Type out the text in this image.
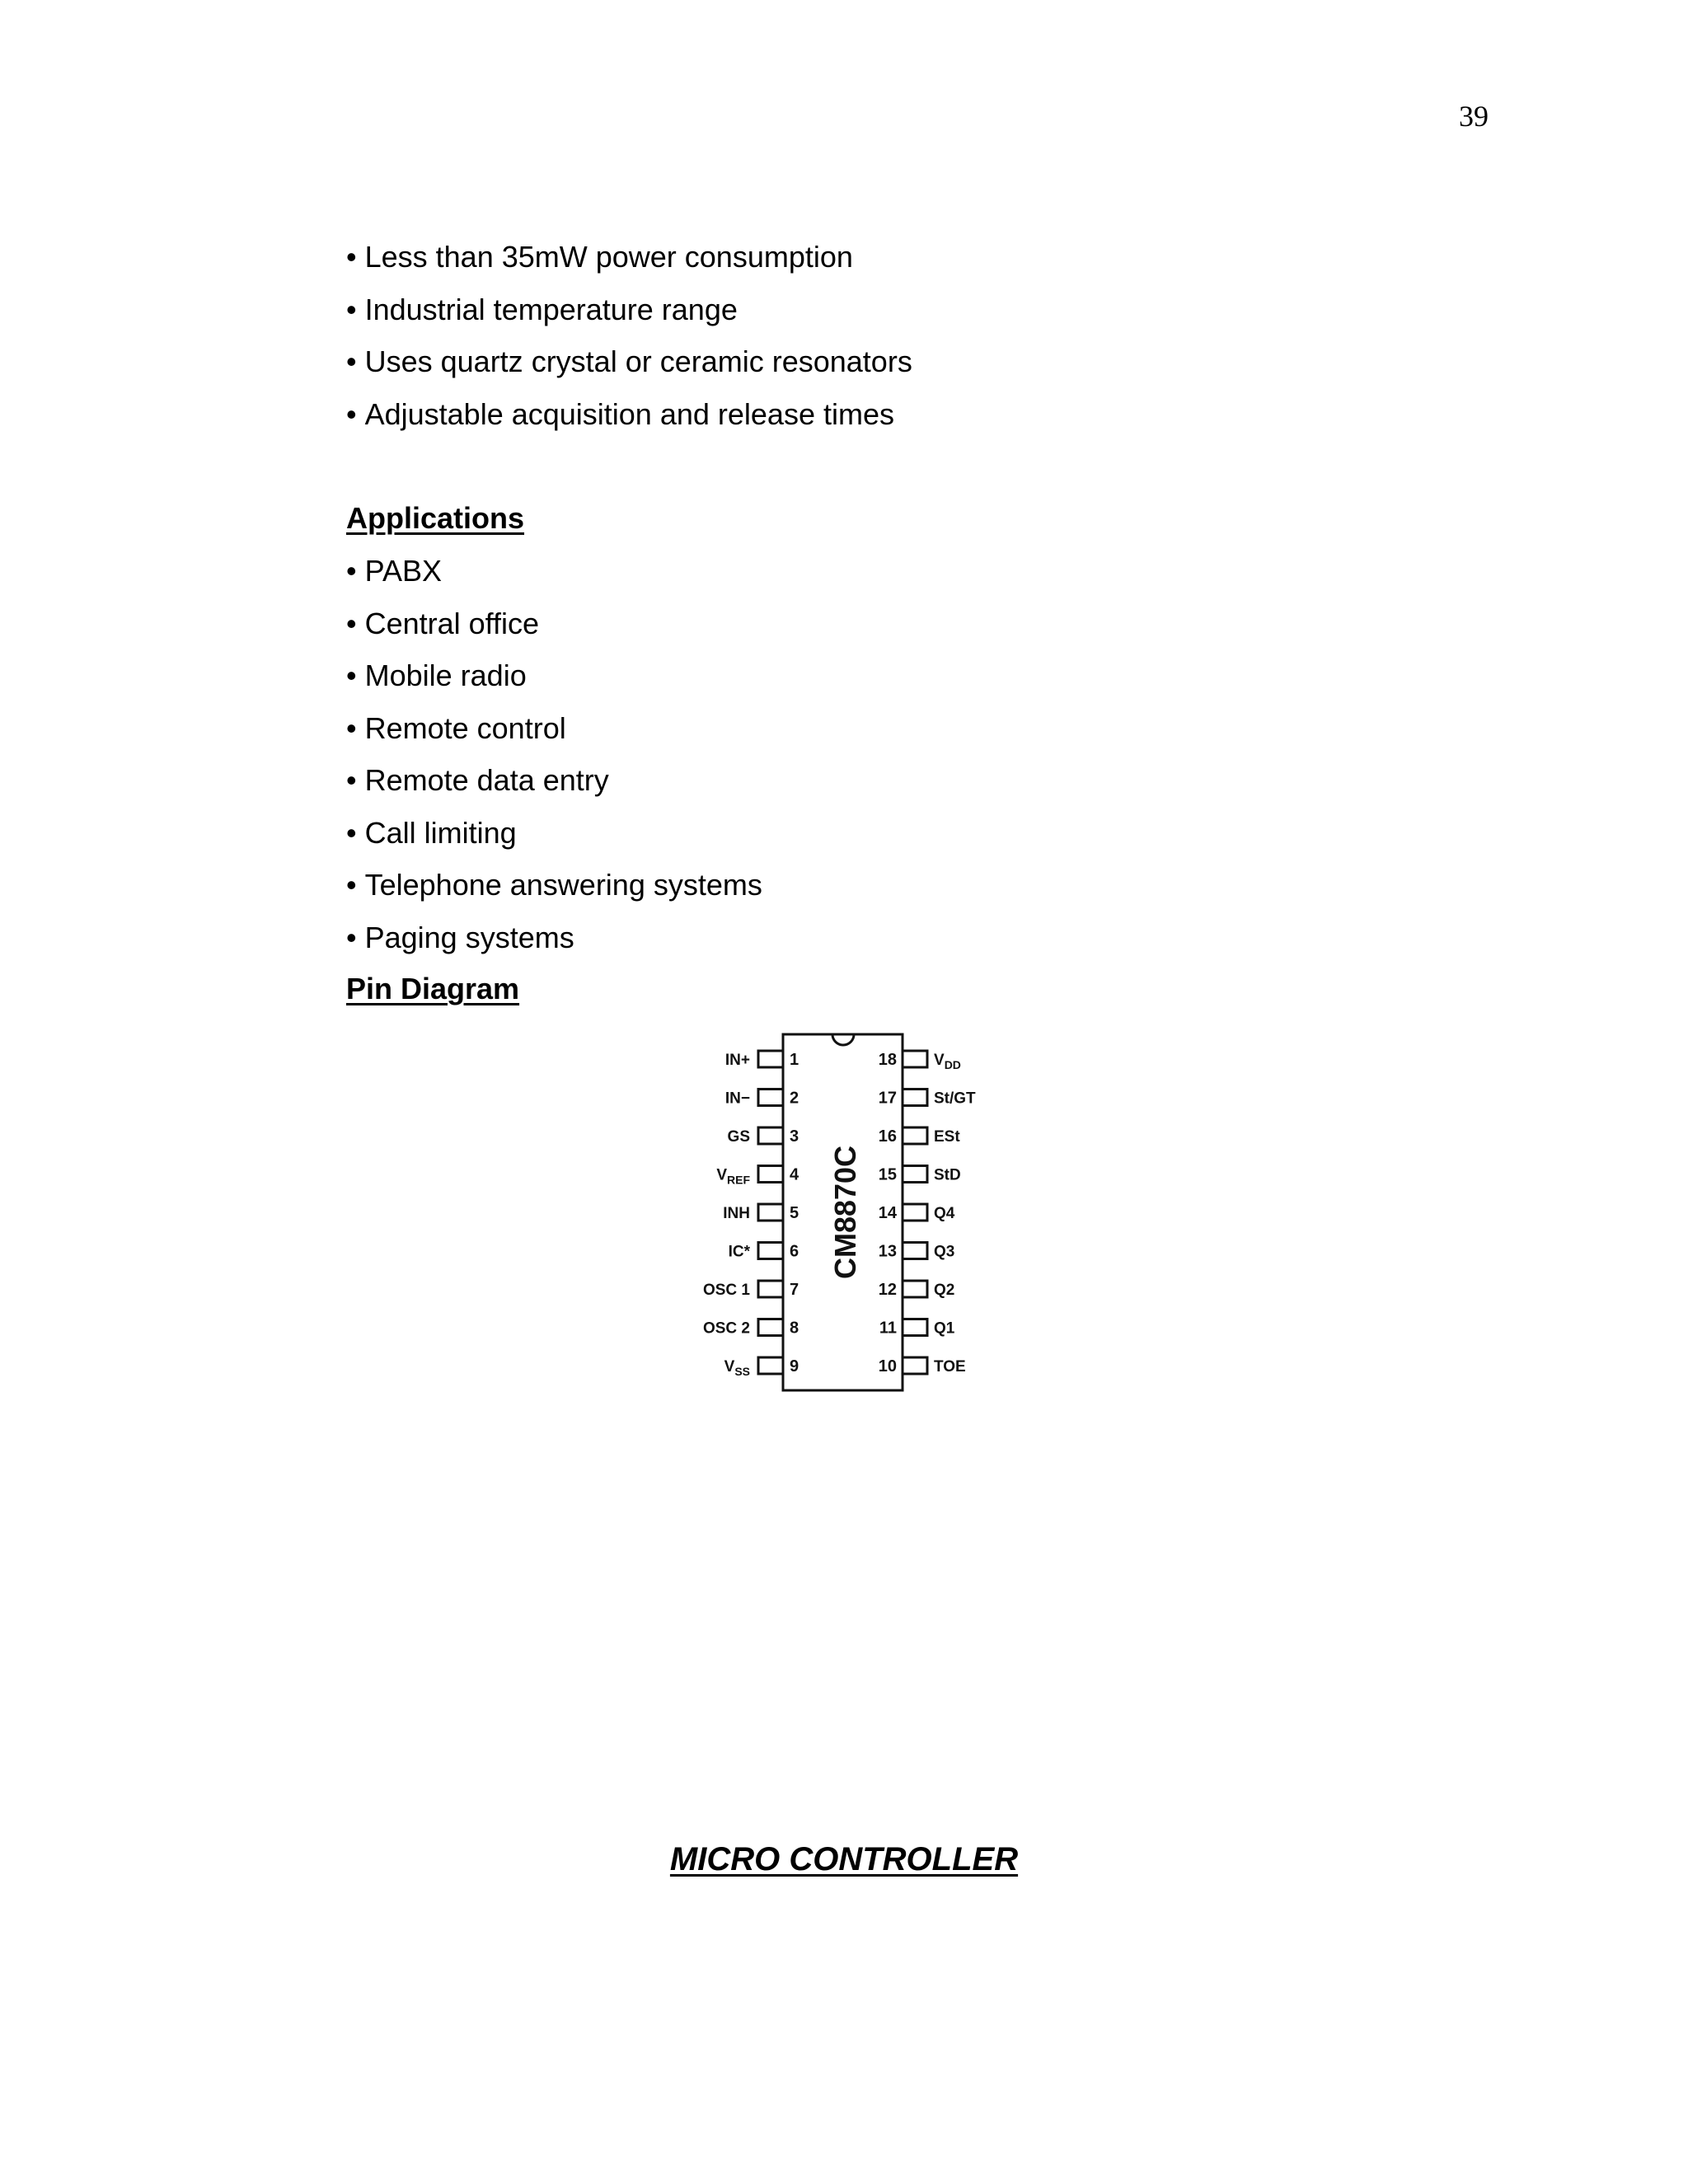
39
• Less than 35mW power consumption
• Industrial temperature range
• Uses quartz crystal or ceramic resonators
• Adjustable acquisition and release times
Applications
• PABX
• Central office
• Mobile radio
• Remote control
• Remote data entry
• Call limiting
• Telephone answering systems
• Paging systems
Pin Diagram
CM8870C
1
IN+
2
IN−
3
GS
4
$V_{REF}$
5
INH
6
IC*
7
OSC 1
8
OSC 2
9
$V_{SS}$
18 $V_{DD}$
17 St/GT
16 ESt
15 StD
14 Q4
13 Q3
12 Q2
11 Q1
10 TOE
MICRO CONTROLLER
